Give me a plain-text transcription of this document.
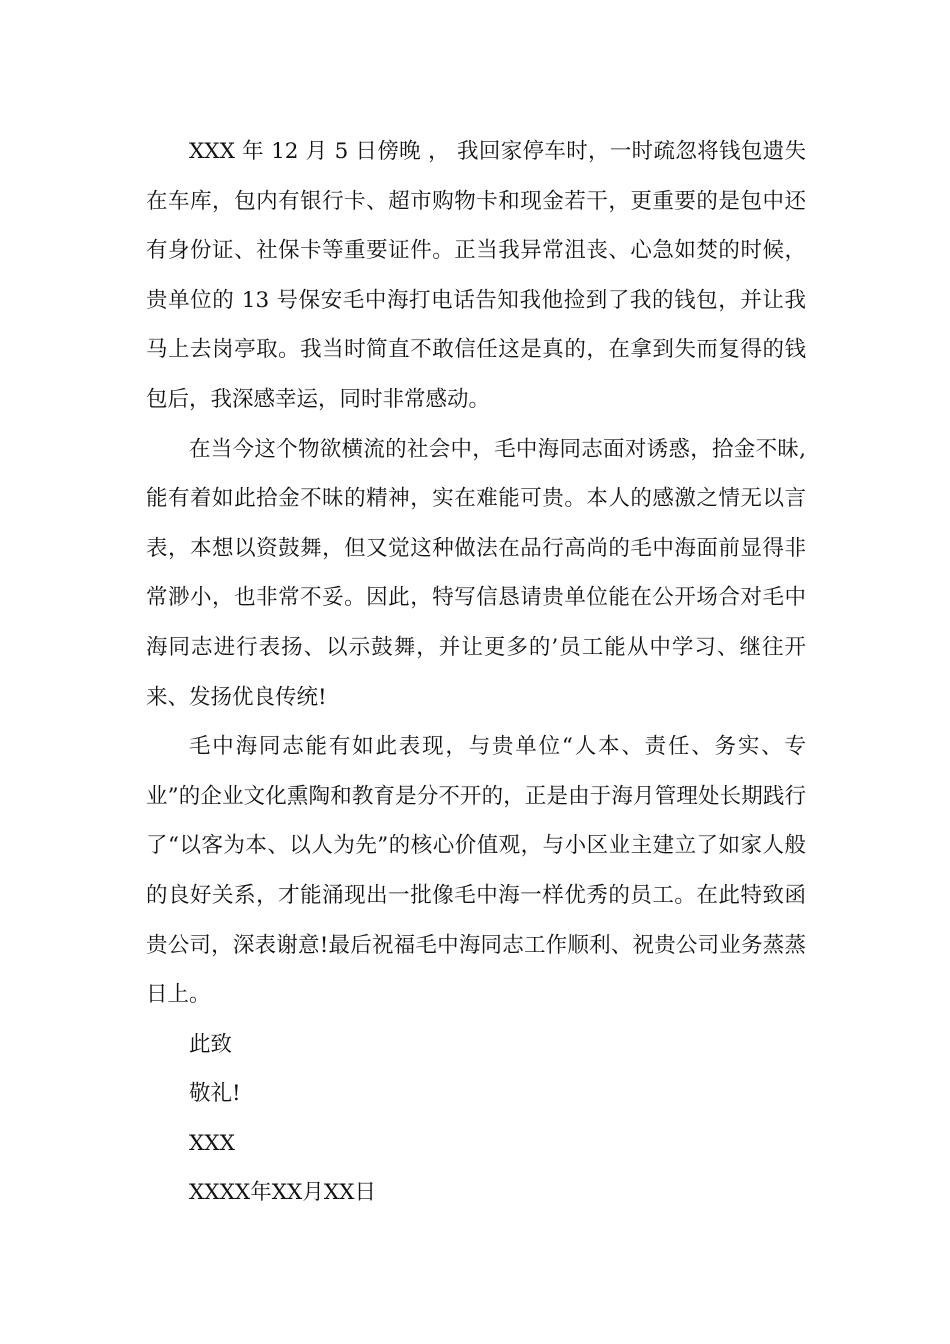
XXX 年 12 月 5 日傍晚 ， 我回家停车时，一时疏忽将钱包遗失在车库，包内有银行卡、超市购物卡和现金若干，更重要的是包中还有身份证、社保卡等重要证件。正当我异常沮丧、心急如焚的时候，贵单位的 13 号保安毛中海打电话告知我他捡到了我的钱包，并让我马上去岗亭取。我当时简直不敢信任这是真的，在拿到失而复得的钱包后，我深感幸运，同时非常感动。

在当今这个物欲横流的社会中，毛中海同志面对诱惑，拾金不昧,能有着如此拾金不昧的精神，实在难能可贵。本人的感激之情无以言表，本想以资鼓舞，但又觉这种做法在品行高尚的毛中海面前显得非常渺小，也非常不妥。因此，特写信恳请贵单位能在公开场合对毛中海同志进行表扬、以示鼓舞，并让更多的’员工能从中学习、继往开来、发扬优良传统!

毛中海同志能有如此表现，与贵单位“人本、责任、务实、专业”的企业文化熏陶和教育是分不开的，正是由于海月管理处长期践行了“以客为本、以人为先”的核心价值观，与小区业主建立了如家人般的良好关系，才能涌现出一批像毛中海一样优秀的员工。在此特致函贵公司，深表谢意!最后祝福毛中海同志工作顺利、祝贵公司业务蒸蒸日上。

此致

敬礼!

XXX

XXXX年XX月XX日
